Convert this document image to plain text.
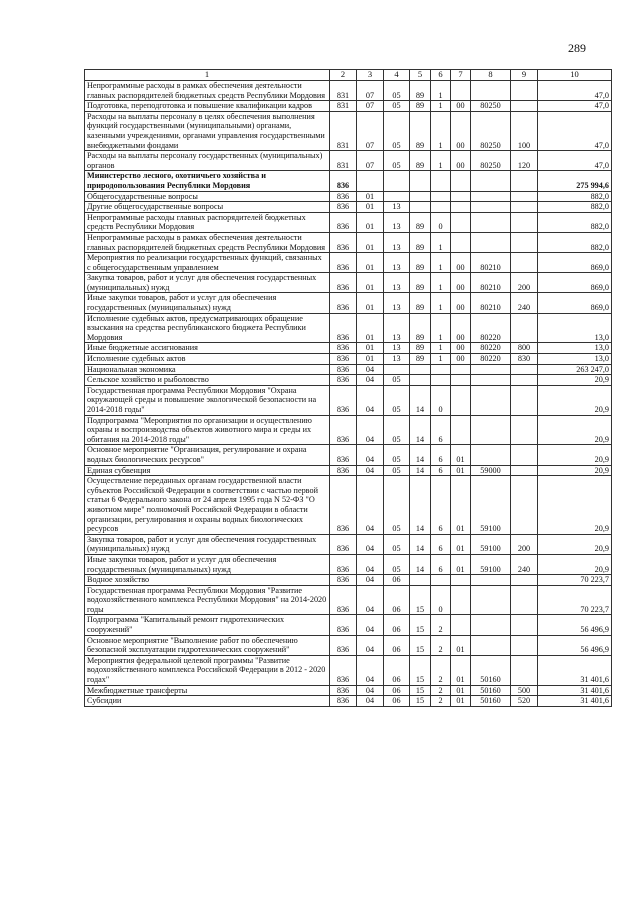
289
1	2	3	4	5	6	7	8	9	10
Непрограммные расходы в рамках обеспечения деятельности главных распорядителей бюджетных средств Республики Мордовия	831	07	05	89	1				47,0
Подготовка, переподготовка и повышение квалификации кадров	831	07	05	89	1	00	80250		47,0
Расходы на выплаты персоналу в целях обеспечения выполнения функций государственными (муниципальными) органами, казенными учреждениями, органами управления государственными внебюджетными фондами	831	07	05	89	1	00	80250	100	47,0
Расходы на выплаты персоналу государственных (муниципальных) органов	831	07	05	89	1	00	80250	120	47,0
Министерство лесного, охотничьего хозяйства и природопользования Республики Мордовия	836								275 994,6
Общегосударственные вопросы	836	01							882,0
Другие общегосударственные вопросы	836	01	13						882,0
Непрограммные расходы главных распорядителей бюджетных средств Республики Мордовия	836	01	13	89	0				882,0
Непрограммные расходы в рамках обеспечения деятельности главных распорядителей бюджетных средств Республики Мордовия	836	01	13	89	1				882,0
Мероприятия по реализации государственных функций, связанных с общегосударственным управлением	836	01	13	89	1	00	80210		869,0
Закупка товаров, работ и услуг для обеспечения государственных (муниципальных) нужд	836	01	13	89	1	00	80210	200	869,0
Иные закупки товаров, работ и услуг для обеспечения государственных (муниципальных) нужд	836	01	13	89	1	00	80210	240	869,0
Исполнение судебных актов, предусматривающих обращение взыскания на средства республиканского бюджета Республики Мордовия	836	01	13	89	1	00	80220		13,0
Иные бюджетные ассигнования	836	01	13	89	1	00	80220	800	13,0
Исполнение судебных актов	836	01	13	89	1	00	80220	830	13,0
Национальная экономика	836	04							263 247,0
Сельское хозяйство и рыболовство	836	04	05						20,9
Государственная программа Республики Мордовия "Охрана окружающей среды и повышение экологической безопасности на 2014-2018 годы"	836	04	05	14	0				20,9
Подпрограмма "Мероприятия по организации и осуществлению охраны и воспроизводства объектов животного мира и среды их обитания на 2014-2018 годы"	836	04	05	14	6				20,9
Основное мероприятие "Организация, регулирование и охрана водных биологических ресурсов"	836	04	05	14	6	01			20,9
Единая субвенция	836	04	05	14	6	01	59000		20,9
Осуществление переданных органам государственной власти субъектов Российской Федерации в соответствии с частью первой статьи 6 Федерального закона от 24 апреля 1995 года N 52-ФЗ "О животном мире" полномочий Российской Федерации в области организации, регулирования и охраны водных биологических ресурсов	836	04	05	14	6	01	59100		20,9
Закупка товаров, работ и услуг для обеспечения государственных (муниципальных) нужд	836	04	05	14	6	01	59100	200	20,9
Иные закупки товаров, работ и услуг для обеспечения государственных (муниципальных) нужд	836	04	05	14	6	01	59100	240	20,9
Водное хозяйство	836	04	06						70 223,7
Государственная программа Республики Мордовия "Развитие водохозяйственного комплекса Республики Мордовия" на 2014-2020 годы	836	04	06	15	0				70 223,7
Подпрограмма "Капитальный ремонт гидротехнических сооружений"	836	04	06	15	2				56 496,9
Основное мероприятие "Выполнение работ по обеспечению безопасной эксплуатации гидротехнических сооружений"	836	04	06	15	2	01			56 496,9
Мероприятия федеральной целевой программы "Развитие водохозяйственного комплекса Российской Федерации в 2012 - 2020 годах"	836	04	06	15	2	01	50160		31 401,6
Межбюджетные трансферты	836	04	06	15	2	01	50160	500	31 401,6
Субсидии	836	04	06	15	2	01	50160	520	31 401,6
